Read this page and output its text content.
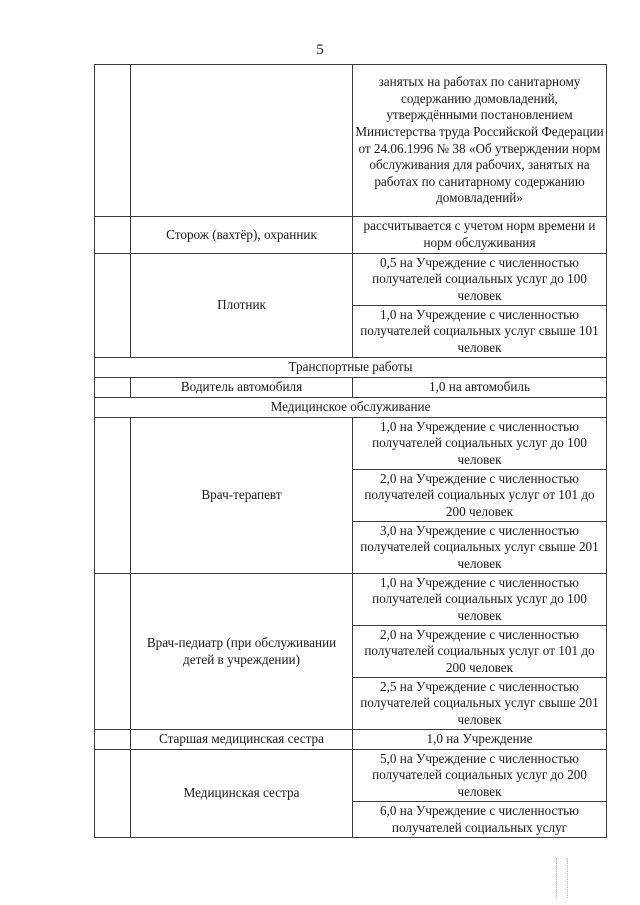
5
		занятых на работах по санитарному содержанию домовладений, утверждёнными постановлением Министерства труда Российской Федерации от 24.06.1996 № 38 «Об утверждении норм обслуживания для рабочих, занятых на работах по санитарному содержанию домовладений»
	Сторож (вахтёр), охранник	рассчитывается с учетом норм времени и норм обслуживания
	Плотник	0,5 на Учреждение с численностью получателей социальных услуг до 100 человек
		1,0 на Учреждение с численностью получателей социальных услуг свыше 101 человек
Транспортные работы		
	Водитель автомобиля	1,0 на автомобиль
Медицинское обслуживание		
	Врач-терапевт	1,0 на Учреждение с численностью получателей социальных услуг до 100 человек
		2,0 на Учреждение с численностью получателей социальных услуг от 101 до 200 человек
		3,0 на Учреждение с численностью получателей социальных услуг свыше 201 человек
	Врач-педиатр (при обслуживании детей в учреждении)	1,0 на Учреждение с численностью получателей социальных услуг до 100 человек
		2,0 на Учреждение с численностью получателей социальных услуг от 101 до 200 человек
		2,5 на Учреждение с численностью получателей социальных услуг свыше 201 человек
	Старшая медицинская сестра	1,0 на Учреждение
	Медицинская сестра	5,0 на Учреждение с численностью получателей социальных услуг до 200 человек
		6,0 на Учреждение с численностью получателей социальных услуг
